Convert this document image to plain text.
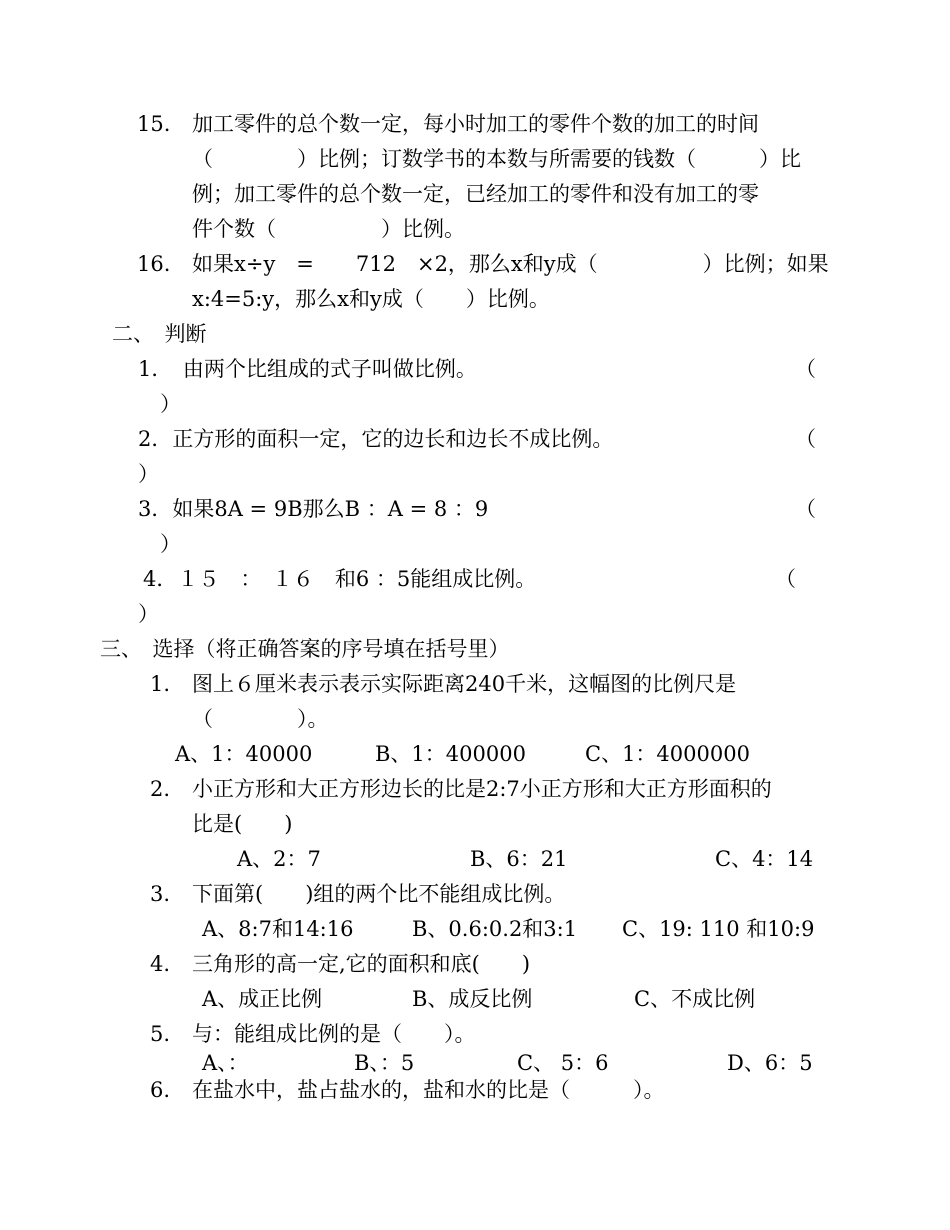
15. 加工零件的总个数一定，每小时加工的零件个数的加工的时间
（　　　　）比例；订数学书的本数与所需要的钱数（　　　）比
例；加工零件的总个数一定，已经加工的零件和没有加工的零
件个数（　　　　　）比例。
16. 如果x÷y　=　　712　×2，那么x和y成（　　　　　）比例；如果
x:4=5:y，那么x和y成（　　）比例。
二、　判断
1．　由两个比组成的式子叫做比例。	（
）
2．正方形的面积一定，它的边长和边长不成比例。	（
）
3．如果8A = 9B那么B ：A = 8 ：9	（
）
4．１５　：　１６　和6 ：5能组成比例。	（
）
三、　选择（将正确答案的序号填在括号里）
1. 图上６厘米表示表示实际距离240千米，这幅图的比例尺是
（　　　　）。
A、1：40000	B、1：400000	C、1：4000000
2. 小正方形和大正方形边长的比是2:7小正方形和大正方形面积的
比是(　　)
A、2：7	B、6：21	C、4：14
3. 下面第(　　)组的两个比不能组成比例。
A、8:7和14:16	B、0.6:0.2和3:1 C、19: 110 和10:9
4. 三角形的高一定,它的面积和底(　　)
A、成正比例	B、成反比例	C、不成比例
5. 与：能组成比例的是（　　）。
A、：	B、：5	C、 5：6	D、6：5
6. 在盐水中，盐占盐水的，盐和水的比是（　　　）。
